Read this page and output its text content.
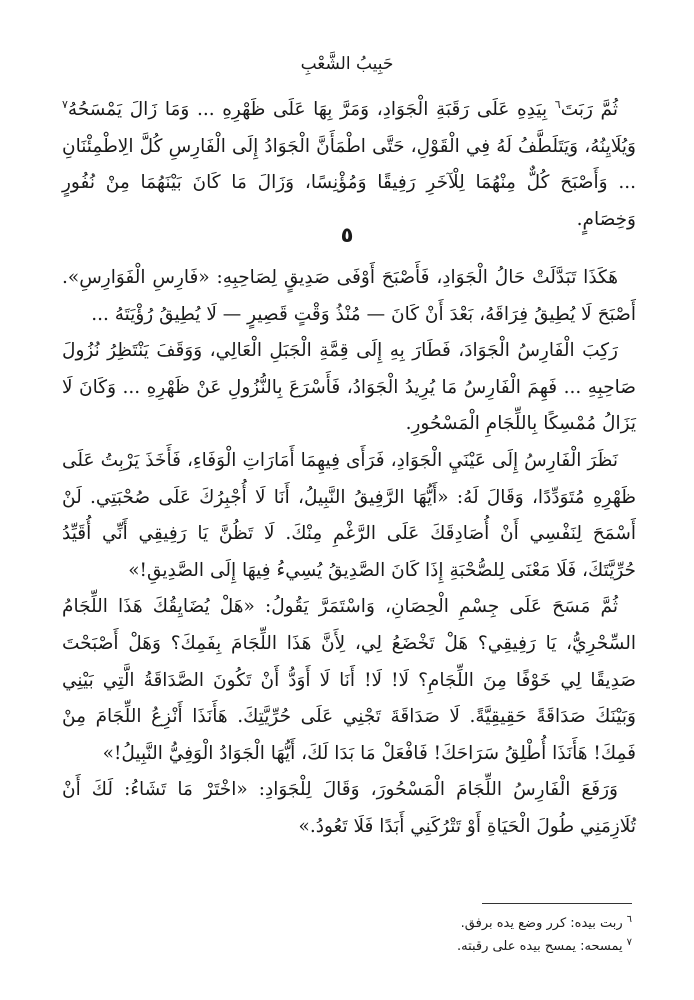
حَبِيبُ الشَّعْبِ

ثُمَّ رَبَتَ$^٦$ بِيَدِهِ عَلَى رَقَبَةِ الْجَوَادِ، وَمَرَّ بِهَا عَلَى ظَهْرِهِ ... وَمَا زَالَ يَمْسَحُهُ$^٧$ وَيُلَايِنُهُ، وَيَتَلَطَّفُ لَهُ فِي الْقَوْلِ، حَتَّى اطْمَأَنَّ الْجَوَادُ إِلَى الْفَارِسِ كُلَّ الِاطْمِئْنَانِ ... وَأَصْبَحَ كُلٌّ مِنْهُمَا لِلْآخَرِ رَفِيقًا وَمُؤْنِسًا، وَزَالَ مَا كَانَ بَيْنَهُمَا مِنْ نُفُورٍ وَخِصَامٍ.

٥

هَكَذَا تَبَدَّلَتْ حَالُ الْجَوَادِ، فَأَصْبَحَ أَوْفَى صَدِيقٍ لِصَاحِبِهِ: «فَارِسِ الْفَوَارِسِ». أَصْبَحَ لَا يُطِيقُ فِرَاقَهُ، بَعْدَ أَنْ كَانَ — مُنْذُ وَقْتٍ قَصِيرٍ — لَا يُطِيقُ رُؤْيَتَهُ ...

رَكِبَ الْفَارِسُ الْجَوَادَ، فَطَارَ بِهِ إِلَى قِمَّةِ الْجَبَلِ الْعَالِي، وَوَقَفَ يَنْتَظِرُ نُزُولَ صَاحِبِهِ ... فَهِمَ الْفَارِسُ مَا يُرِيدُ الْجَوَادُ، فَأَسْرَعَ بِالنُّزُولِ عَنْ ظَهْرِهِ ... وَكَانَ لَا يَزَالُ مُمْسِكًا بِاللِّجَامِ الْمَسْحُورِ.

نَظَرَ الْفَارِسُ إِلَى عَيْنَيِ الْجَوَادِ، فَرَأَى فِيهِمَا أَمَارَاتِ الْوَفَاءِ، فَأَخَذَ يَرْبِتُ عَلَى ظَهْرِهِ مُتَوَدِّدًا، وَقَالَ لَهُ: «أَيُّهَا الرَّفِيقُ النَّبِيلُ، أَنَا لَا أُجْبِرُكَ عَلَى صُحْبَتِي. لَنْ أَسْمَحَ لِنَفْسِي أَنْ أُصَادِقَكَ عَلَى الرَّغْمِ مِنْكَ. لَا تَظُنَّ يَا رَفِيقِي أَنِّي أُقَيِّدُ حُرِّيَّتَكَ، فَلَا مَعْنَى لِلصُّحْبَةِ إِذَا كَانَ الصَّدِيقُ يُسِيءُ فِيهَا إِلَى الصَّدِيقِ!»

ثُمَّ مَسَحَ عَلَى جِسْمِ الْحِصَانِ، وَاسْتَمَرَّ يَقُولُ: «هَلْ يُضَايِقُكَ هَذَا اللِّجَامُ السِّحْرِيُّ، يَا رَفِيقِي؟ هَلْ تَخْضَعُ لِي، لِأَنَّ هَذَا اللِّجَامَ بِفَمِكَ؟ وَهَلْ أَصْبَحْتَ صَدِيقًا لِي خَوْفًا مِنَ اللِّجَامِ؟ لَا! لَا! أَنَا لَا أَوَدُّ أَنْ تَكُونَ الصَّدَاقَةُ الَّتِي بَيْنِي وَبَيْنَكَ صَدَاقَةً حَقِيقِيَّةً. لَا صَدَاقَةَ تَجْنِي عَلَى حُرِّيَّتِكَ. هَأَنَذَا أَنْزِعُ اللِّجَامَ مِنْ فَمِكَ! هَأَنَذَا أُطْلِقُ سَرَاحَكَ! فَافْعَلْ مَا بَدَا لَكَ، أَيُّهَا الْجَوَادُ الْوَفِيُّ النَّبِيلُ!»

وَرَفَعَ الْفَارِسُ اللِّجَامَ الْمَسْحُورَ، وَقَالَ لِلْجَوَادِ: «اخْتَرْ مَا تَشَاءُ: لَكَ أَنْ تُلَازِمَنِي طُولَ الْحَيَاةِ أَوْ تَتْرُكَنِي أَبَدًا فَلَا تَعُودُ.»

$^٦$ربت بيده: كرر وضع يده برفق.

$^٧$يمسحه: يمسح بيده على رقبته.
